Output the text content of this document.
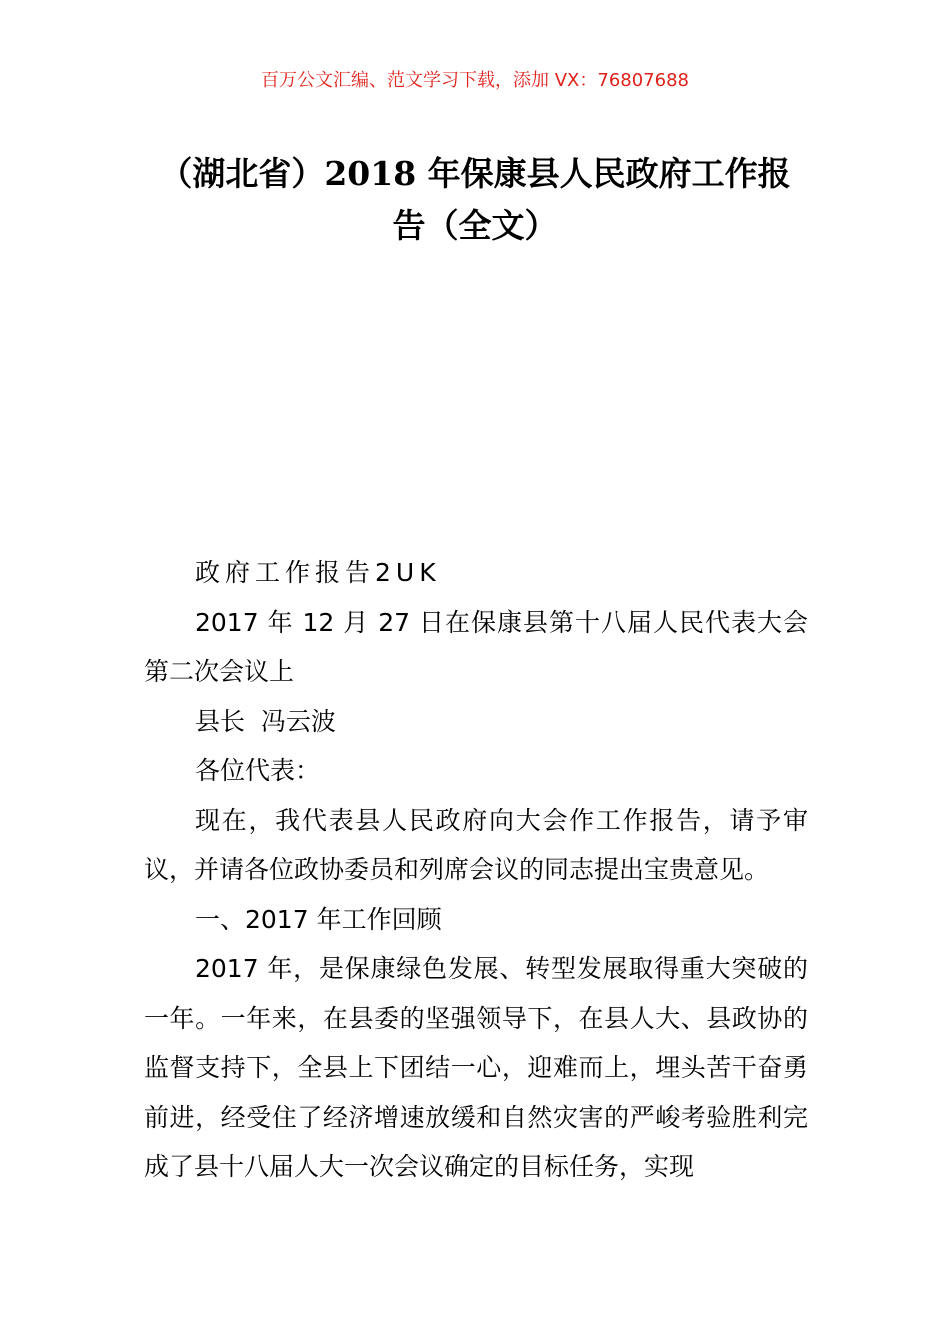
百万公文汇编、范文学习下载，添加 VX：76807688
（湖北省）2018 年保康县人民政府工作报
告（全文）

政府工作报告2UK

2017 年 12 月 27 日在保康县第十八届人民代表大会第二次会议上

县长  冯云波

各位代表：

现在，我代表县人民政府向大会作工作报告，请予审议，并请各位政协委员和列席会议的同志提出宝贵意见。

一、2017 年工作回顾

2017 年，是保康绿色发展、转型发展取得重大突破的一年。一年来，在县委的坚强领导下，在县人大、县政协的监督支持下，全县上下团结一心，迎难而上，埋头苦干奋勇前进，经受住了经济增速放缓和自然灾害的严峻考验胜利完成了县十八届人大一次会议确定的目标任务，实现
